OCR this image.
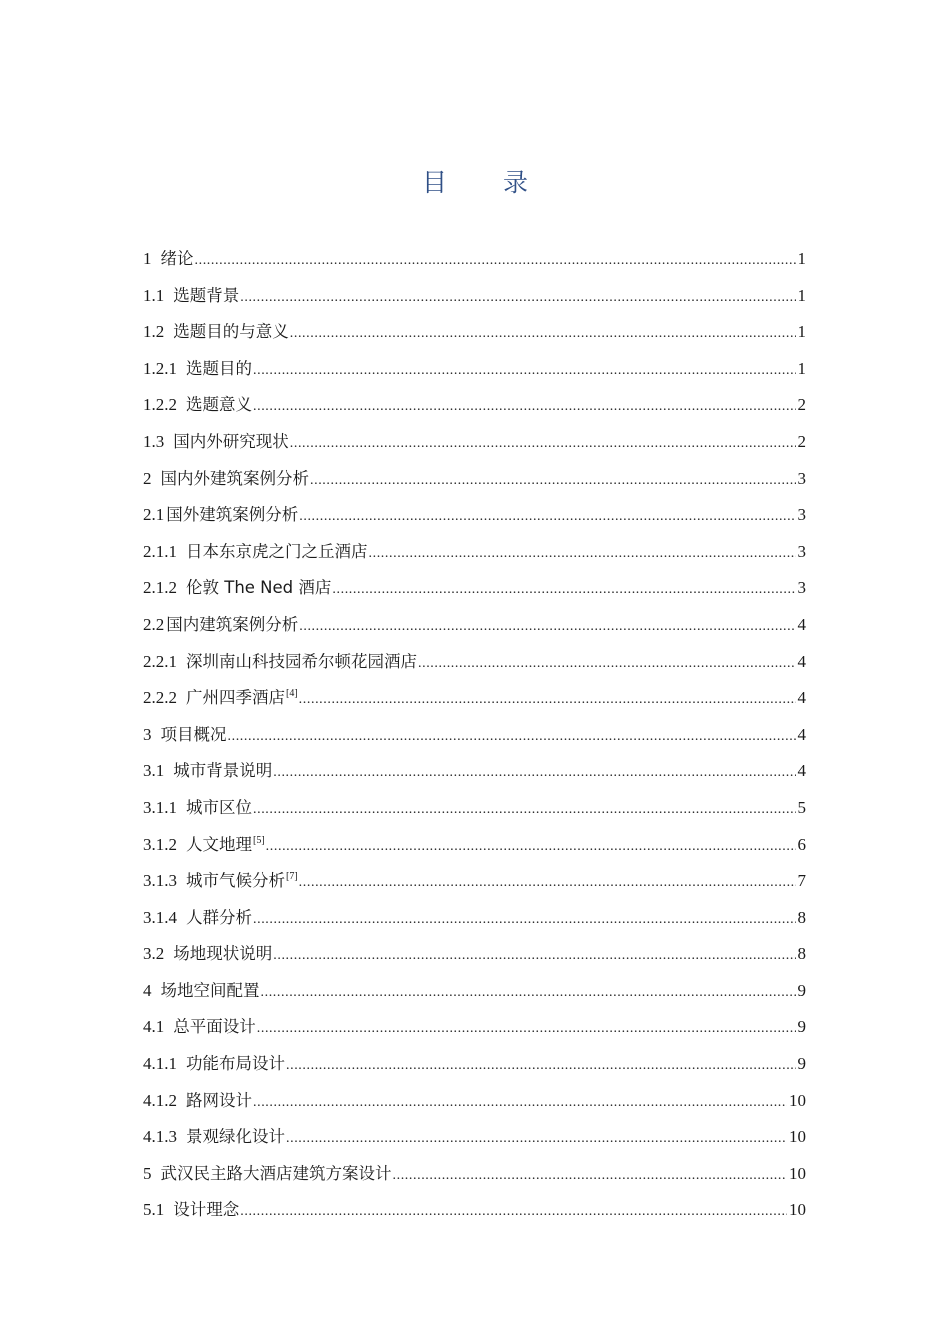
目 录
1 绪论 .....	1
1.1 选题背景 .....	1
1.2 选题目的与意义 .....	1
1.2.1 选题目的 .....	1
1.2.2 选题意义 .....	2
1.3 国内外研究现状 .....	2
2 国内外建筑案例分析 .....	3
2.1 国外建筑案例分析 .....	3
2.1.1 日本东京虎之门之丘酒店 .....	3
2.1.2 伦敦 The Ned 酒店 .....	3
2.2 国内建筑案例分析 .....	4
2.2.1 深圳南山科技园希尔顿花园酒店 .....	4
2.2.2 广州四季酒店 [4] .....	4
3 项目概况 .....	4
3.1 城市背景说明 .....	4
3.1.1 城市区位 .....	5
3.1.2 人文地理 [5] .....	6
3.1.3 城市气候分析 [7] .....	7
3.1.4 人群分析 .....	8
3.2 场地现状说明 .....	8
4 场地空间配置 .....	9
4.1 总平面设计 .....	9
4.1.1 功能布局设计 .....	9
4.1.2 路网设计 .....	10
4.1.3 景观绿化设计 .....	10
5 武汉民主路大酒店建筑方案设计 .....	10
5.1 设计理念 .....	10
